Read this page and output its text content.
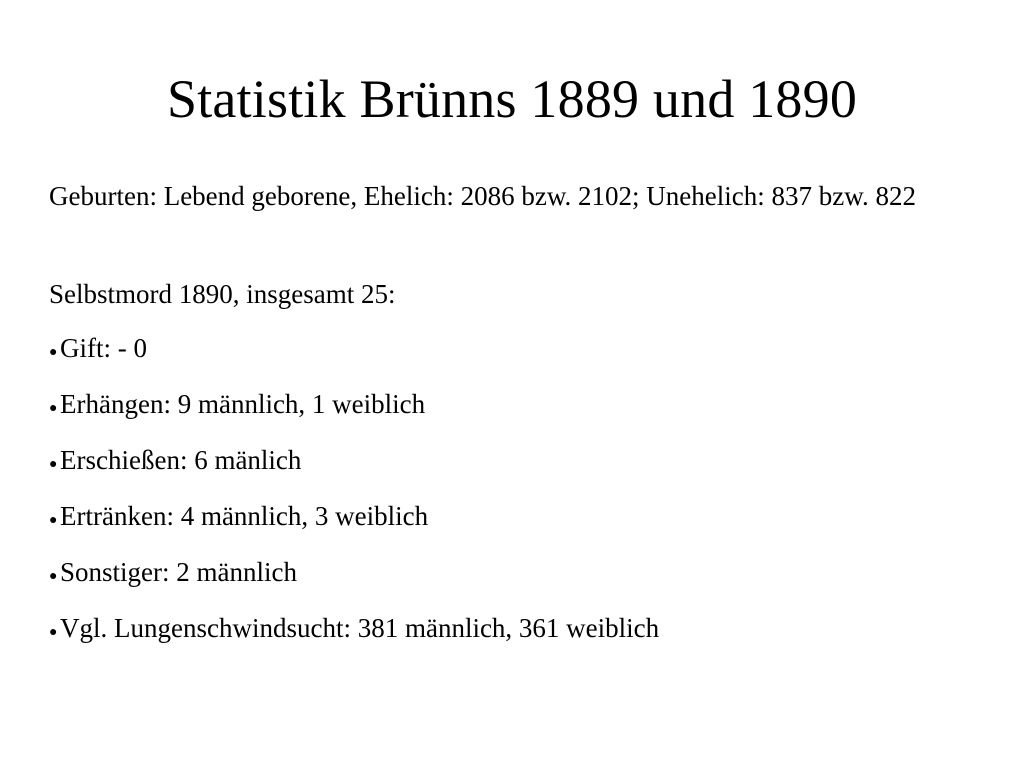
Statistik Brünns 1889 und 1890

Geburten: Lebend geborene, Ehelich: 2086 bzw. 2102; Unehelich: 837 bzw. 822

Selbstmord 1890, insgesamt 25:

● Gift: - 0
● Erhängen: 9 männlich, 1 weiblich
● Erschießen: 6 mänlich
● Ertränken: 4 männlich, 3 weiblich
● Sonstiger: 2 männlich
● Vgl. Lungenschwindsucht: 381 männlich, 361 weiblich
